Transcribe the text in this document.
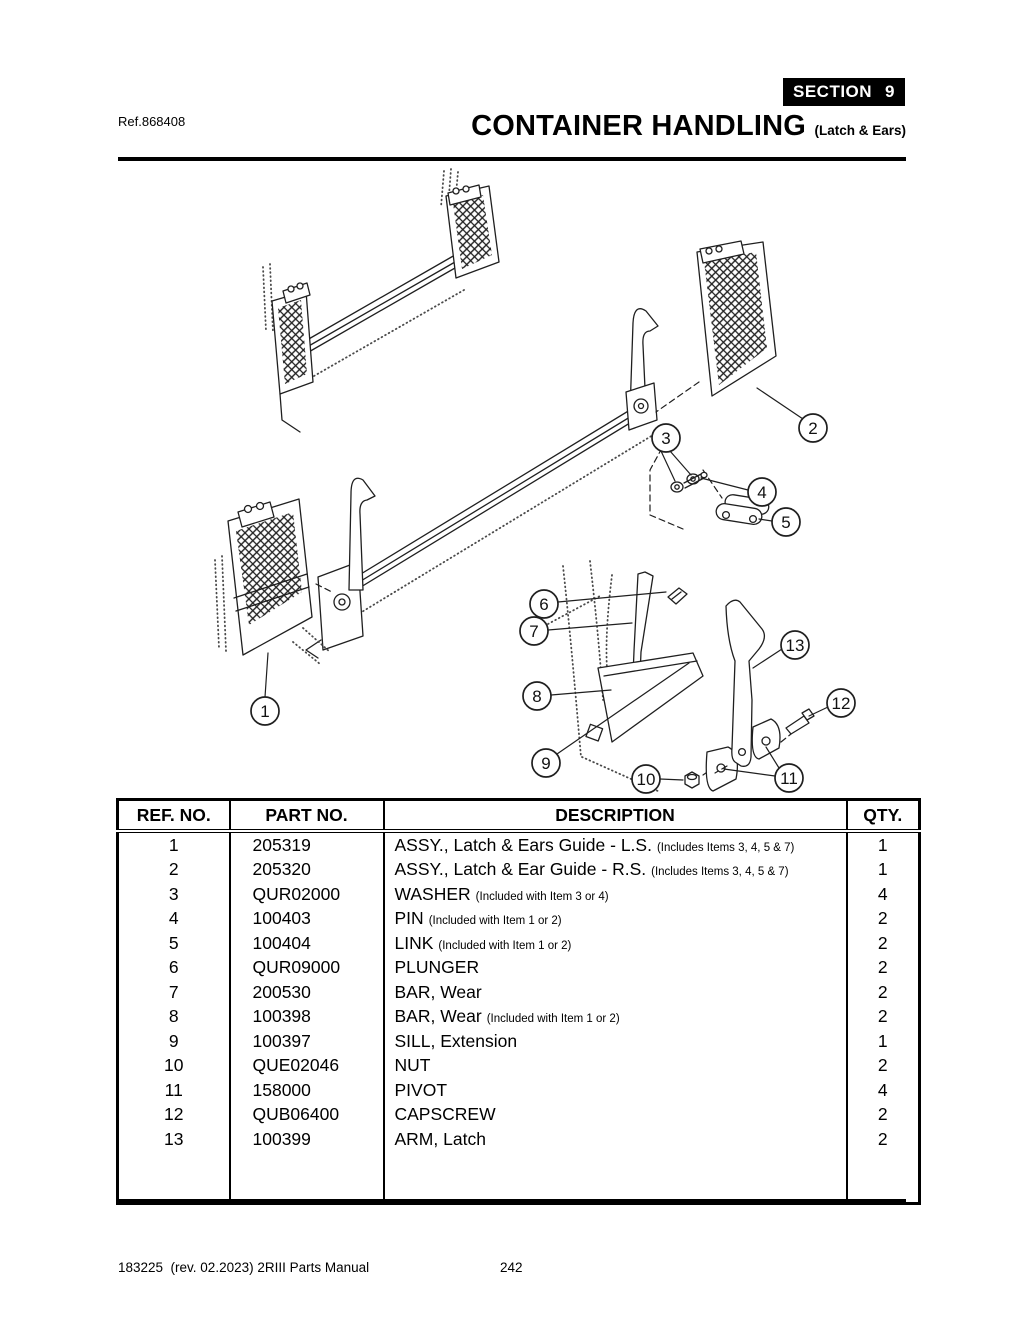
Ref.868408
SECTION 9
CONTAINER HANDLING (Latch & Ears)
1
2
3
4
5
6
7
8
9
10	11
12
13
REF. NO.	PART NO.	DESCRIPTION	QTY.
1	205319	ASSY., Latch & Ears Guide - L.S. (Includes Items 3, 4, 5 & 7)	1
2	205320	ASSY., Latch & Ear Guide - R.S. (Includes Items 3, 4, 5 & 7)	1
3	QUR02000	WASHER (Included with Item 3 or 4)	4
4	100403	PIN (Included with Item 1 or 2)	2
5	100404	LINK (Included with Item 1 or 2)	2
6	QUR09000	PLUNGER	2
7	200530	BAR, Wear	2
8	100398	BAR, Wear (Included with Item 1 or 2)	2
9	100397	SILL, Extension	1
10	QUE02046	NUT	2
11	158000	PIVOT	4
12	QUB06400	CAPSCREW	2
13	100399	ARM, Latch	2

183225  (rev. 02.2023) 2RIII Parts Manual	242
